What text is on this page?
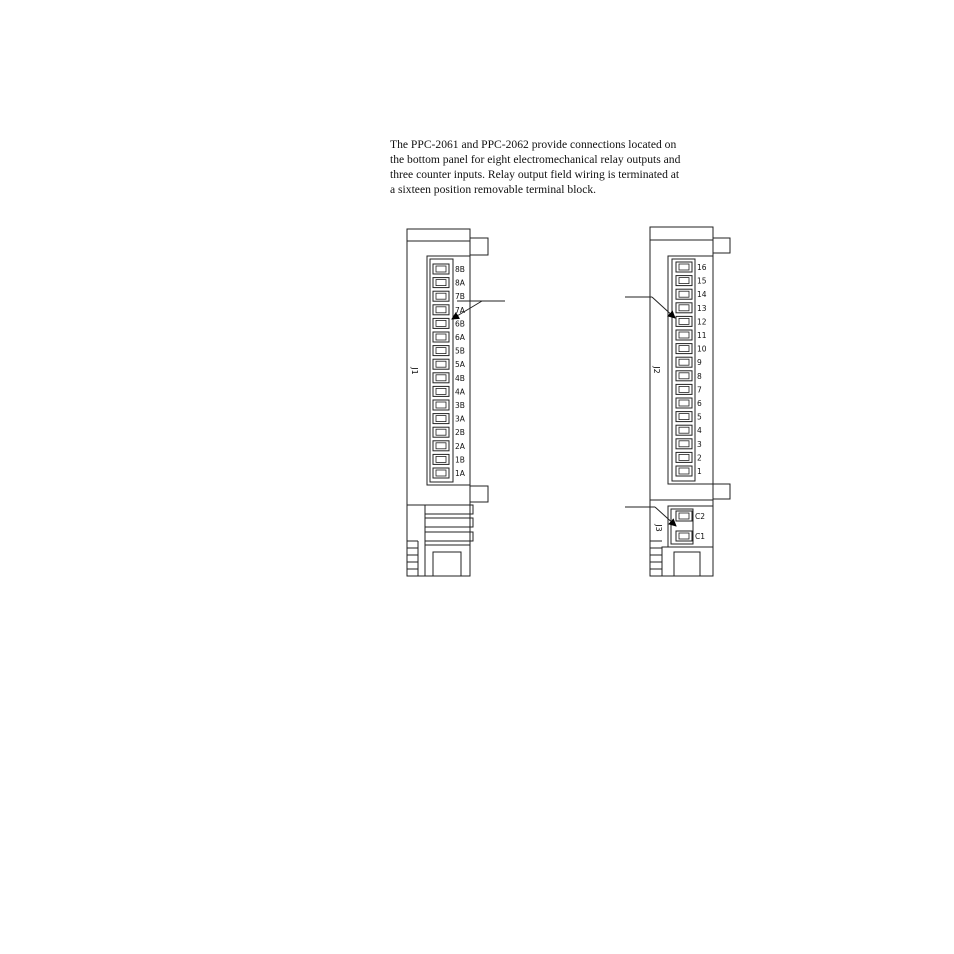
The PPC-2061 and PPC-2062 provide connections located on
the bottom panel for eight electromechanical relay outputs and
three counter inputs. Relay output field wiring is terminated at
a sixteen position removable terminal block.
8B
8A
7B
7A
6B
6A
5B
5A
4B
4A
3B
3A
2B
2A
1B
1A
J1
16
15
14
13
12
11
10
9
8
7
6
5
4
3
2
1
C2
C1
J2
J3
